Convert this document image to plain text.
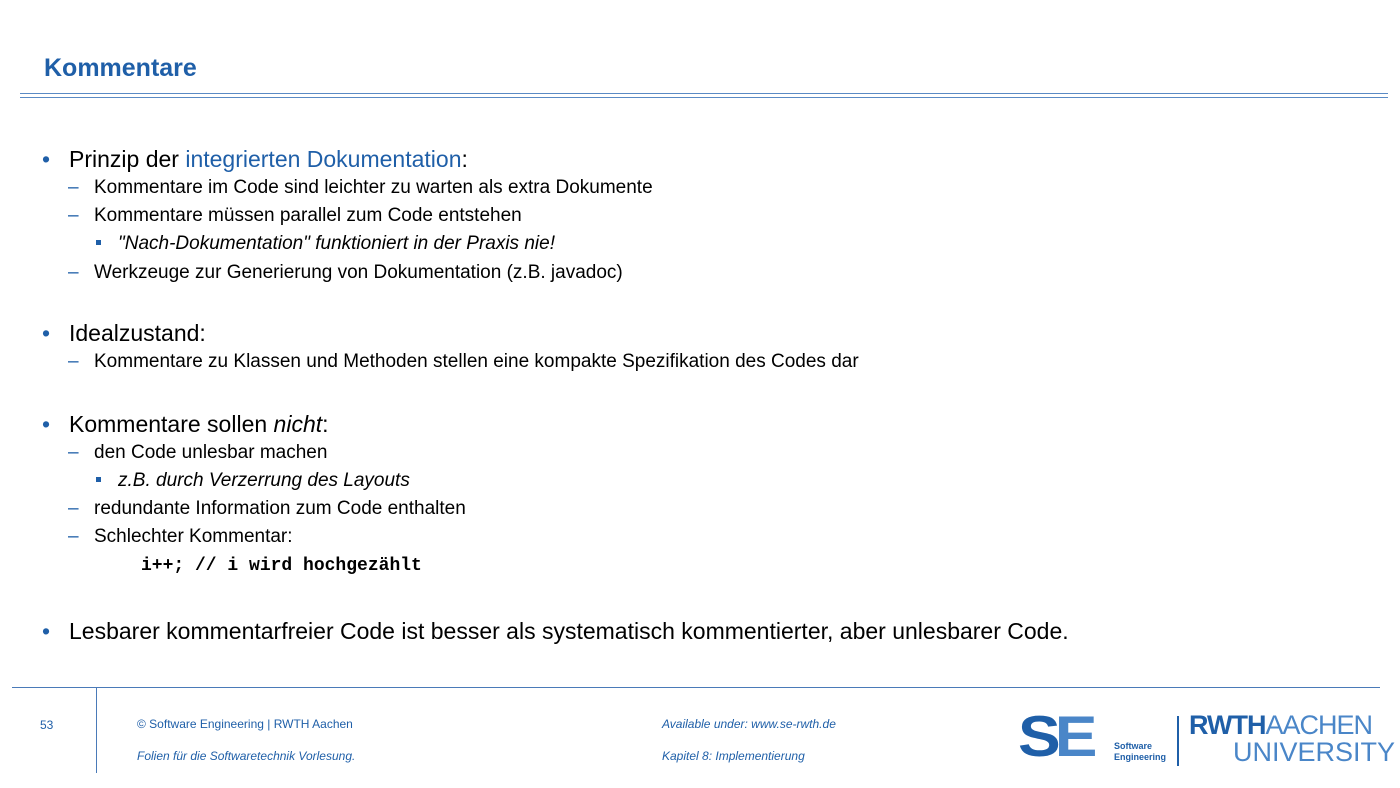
Kommentare
• Prinzip der integrierten Dokumentation:
– Kommentare im Code sind leichter zu warten als extra Dokumente
– Kommentare müssen parallel zum Code entstehen
"Nach-Dokumentation" funktioniert in der Praxis nie!
– Werkzeuge zur Generierung von Dokumentation (z.B. javadoc)
• Idealzustand:
– Kommentare zu Klassen und Methoden stellen eine kompakte Spezifikation des Codes dar
• Kommentare sollen nicht:
– den Code unlesbar machen
z.B. durch Verzerrung des Layouts
– redundante Information zum Code enthalten
– Schlechter Kommentar:
i++; // i wird hochgezählt
• Lesbarer kommentarfreier Code ist besser als systematisch kommentierter, aber unlesbarer Code.
53	© Software Engineering | RWTH Aachen
Folien für die Softwaretechnik Vorlesung.
Available under: www.se-rwth.de
Kapitel 8: Implementierung	SE	Software
Engineering
RWTHAACHEN
UNIVERSITY
